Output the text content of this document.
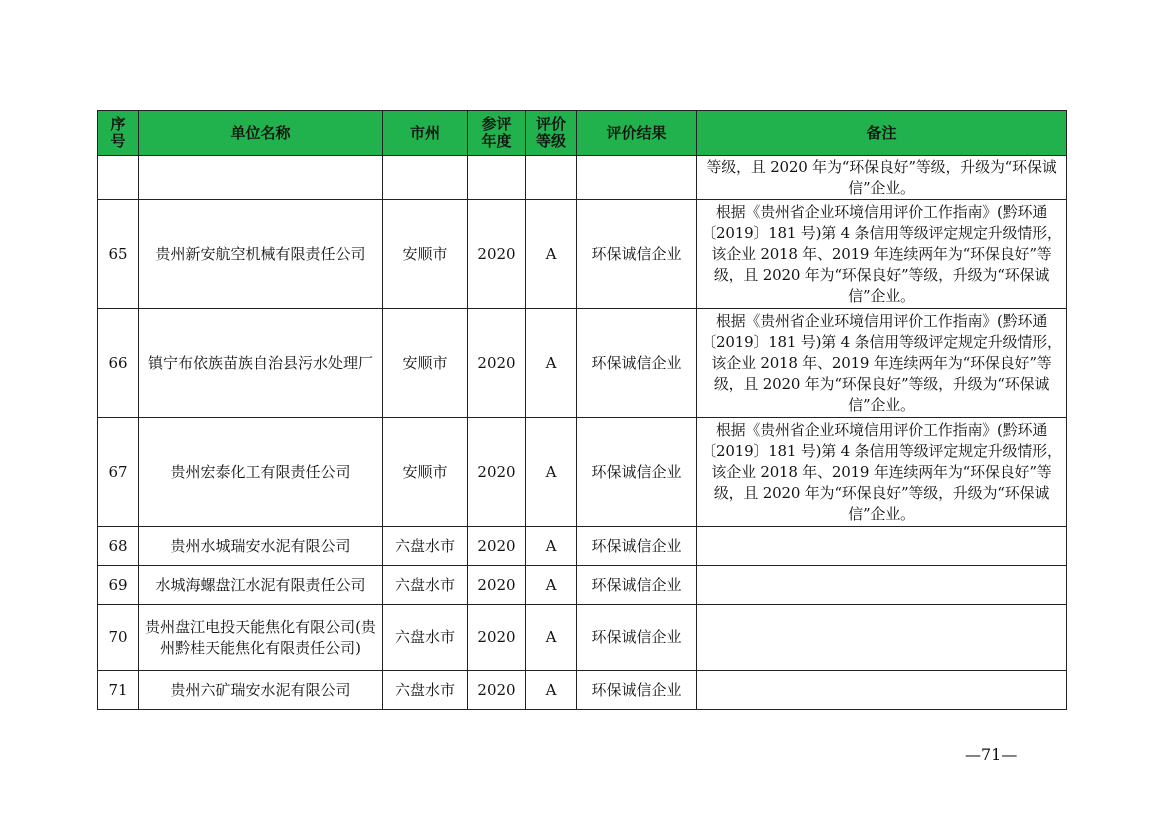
序号	单位名称	市州	参评年度	评价等级	评价结果	备注
						等级，且 2020 年为“环保良好”等级，升级为“环保诚信”企业。
65	贵州新安航空机械有限责任公司	安顺市	2020	A	环保诚信企业	根据《贵州省企业环境信用评价工作指南》(黔环通〔2019〕181 号)第 4 条信用等级评定规定升级情形，该企业 2018 年、2019 年连续两年为“环保良好”等级，且 2020 年为“环保良好”等级，升级为“环保诚信”企业。
66	镇宁布依族苗族自治县污水处理厂	安顺市	2020	A	环保诚信企业	根据《贵州省企业环境信用评价工作指南》(黔环通〔2019〕181 号)第 4 条信用等级评定规定升级情形，该企业 2018 年、2019 年连续两年为“环保良好”等级，且 2020 年为“环保良好”等级，升级为“环保诚信”企业。
67	贵州宏泰化工有限责任公司	安顺市	2020	A	环保诚信企业	根据《贵州省企业环境信用评价工作指南》(黔环通〔2019〕181 号)第 4 条信用等级评定规定升级情形，该企业 2018 年、2019 年连续两年为“环保良好”等级，且 2020 年为“环保良好”等级，升级为“环保诚信”企业。
68	贵州水城瑞安水泥有限公司	六盘水市	2020	A	环保诚信企业	
69	水城海螺盘江水泥有限责任公司	六盘水市	2020	A	环保诚信企业	
70	贵州盘江电投天能焦化有限公司(贵州黔桂天能焦化有限责任公司)	六盘水市	2020	A	环保诚信企业	
71	贵州六矿瑞安水泥有限公司	六盘水市	2020	A	环保诚信企业	
—71—
